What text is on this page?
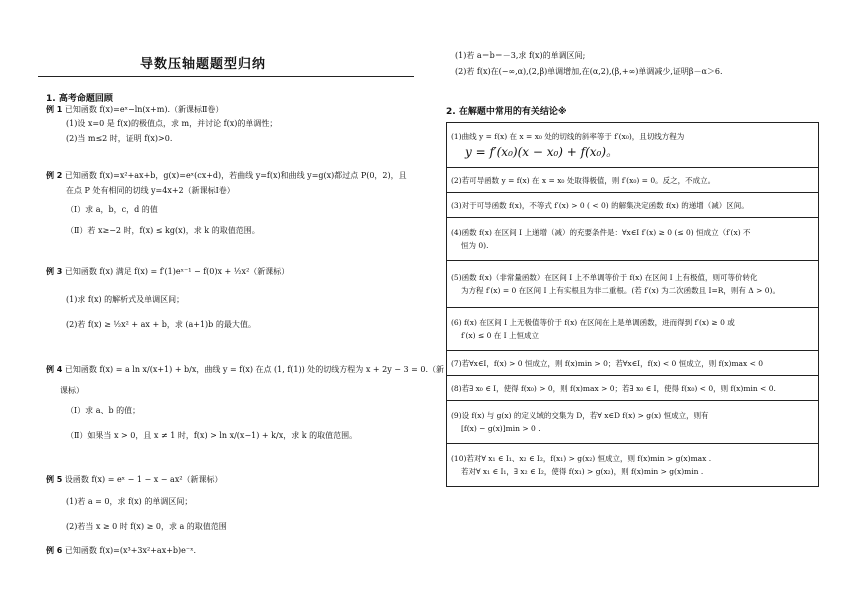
导数压轴题题型归纳
1. 高考命题回顾
例 1 已知函数 f(x)=eˣ−ln(x+m).（新课标Ⅱ卷）
(1)设 x=0 是 f(x)的极值点，求 m，并讨论 f(x)的单调性；
(2)当 m≤2 时，证明 f(x)>0.
例 2 已知函数 f(x)=x²+ax+b，g(x)=eˣ(cx+d)，若曲线 y=f(x)和曲线 y=g(x)都过点 P(0，2)，且
在点 P 处有相同的切线 y=4x+2（新课标Ⅰ卷）
（Ⅰ）求 a，b，c，d 的值
（Ⅱ）若 x≥−2 时，f(x) ≤ kg(x)，求 k 的取值范围。
例 3 已知函数 f(x) 满足 f(x) = f′(1)eˣ⁻¹ − f(0)x + ½x²（新课标）
(1)求 f(x) 的解析式及单调区间；
(2)若 f(x) ≥ ½x² + ax + b，求 (a+1)b 的最大值。
例 4 已知函数 f(x) = a ln x/(x+1) + b/x，曲线 y = f(x) 在点 (1, f(1)) 处的切线方程为 x + 2y − 3 = 0.（新
课标）
（Ⅰ）求 a、b 的值；
（Ⅱ）如果当 x > 0，且 x ≠ 1 时，f(x) > ln x/(x−1) + k/x，求 k 的取值范围。
例 5 设函数 f(x) = eˣ − 1 − x − ax²（新课标）
(1)若 a = 0，求 f(x) 的单调区间；
(2)若当 x ≥ 0 时 f(x) ≥ 0，求 a 的取值范围
例 6 已知函数 f(x)=(x³+3x²+ax+b)e⁻ˣ.
(1)若 a＝b＝－3,求 f(x)的单调区间;
(2)若 f(x)在(−∞,α),(2,β)单调增加,在(α,2),(β,+∞)单调减少,证明β－α＞6.
2. 在解题中常用的有关结论※
(1)曲线 y = f(x) 在 x = x₀ 处的切线的斜率等于 f′(x₀)，且切线方程为
y = f′(x₀)(x − x₀) + f(x₀)。

(2)若可导函数 y = f(x) 在 x = x₀ 处取得极值，则 f′(x₀) = 0。反之，不成立。

(3)对于可导函数 f(x)，不等式 f′(x) > 0 ( < 0) 的解集决定函数 f(x) 的递增（减）区间。

(4)函数 f(x) 在区间 I 上递增（减）的充要条件是：∀x∈I f′(x) ≥ 0 (≤ 0) 恒成立（f′(x) 不
恒为 0).

(5)函数 f(x)（非常量函数）在区间 I 上不单调等价于 f(x) 在区间 I 上有极值，则可等价转化
为方程 f′(x) = 0 在区间 I 上有实根且为非二重根。(若 f′(x) 为二次函数且 I=R，则有 Δ > 0)。

(6) f(x) 在区间 I 上无极值等价于 f(x) 在区间在上是单调函数，进而得到 f′(x) ≥ 0 或
f′(x) ≤ 0 在 I 上恒成立

(7)若∀x∈I，f(x) > 0 恒成立，则 f(x)min > 0；若∀x∈I，f(x) < 0 恒成立，则 f(x)max < 0

(8)若∃ x₀ ∈ I，使得 f(x₀) > 0，则 f(x)max > 0；若∃ x₀ ∈ I，使得 f(x₀) < 0，则 f(x)min < 0.

(9)设 f(x) 与 g(x) 的定义域的交集为 D，若∀ x∈D f(x) > g(x) 恒成立，则有
[f(x) − g(x)]min > 0 .

(10)若对∀ x₁ ∈ I₁、x₂ ∈ I₂，f(x₁) > g(x₂) 恒成立，则 f(x)min > g(x)max .
若对∀ x₁ ∈ I₁，∃ x₂ ∈ I₂，使得 f(x₁) > g(x₂)，则 f(x)min > g(x)min .
